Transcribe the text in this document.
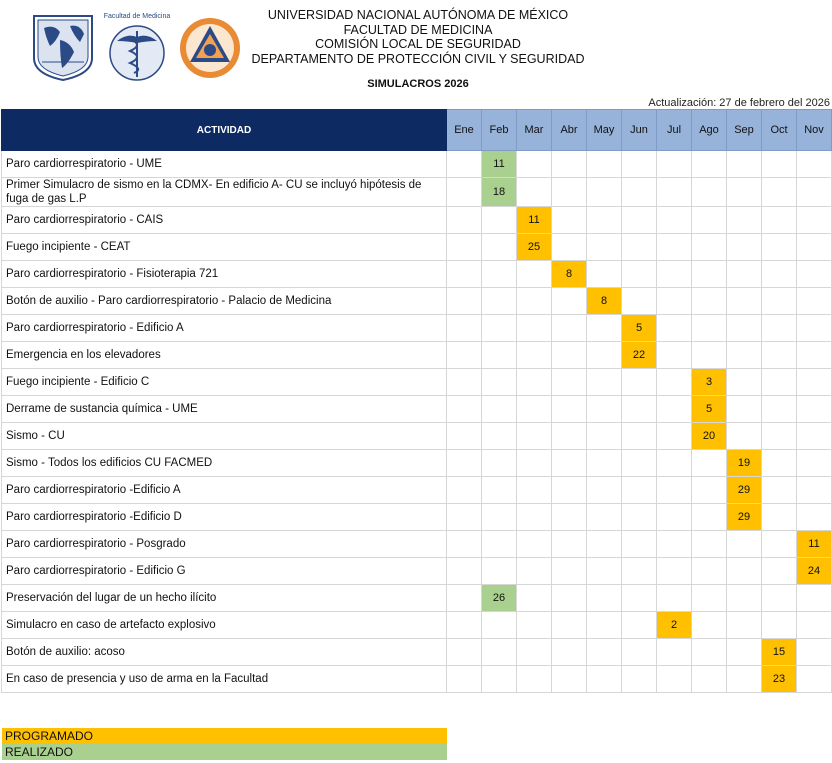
Facultad de Medicina	UNIVERSIDAD NACIONAL AUTÓNOMA DE MÉXICO
FACULTAD DE MEDICINA
COMISIÓN LOCAL DE SEGURIDAD
DEPARTAMENTO DE PROTECCIÓN CIVIL Y SEGURIDAD
SIMULACROS 2026
Actualización: 27 de febrero del 2026
ACTIVIDAD	Ene	Feb	Mar	Abr	May	Jun	Jul	Ago	Sep	Oct	Nov
Paro cardiorrespiratorio - UME		11									
Primer Simulacro de sismo en la CDMX- En edificio A- CU se incluyó hipótesis de fuga de gas L.P		18									
Paro cardiorrespiratorio - CAIS			11								
Fuego incipiente - CEAT			25								
Paro cardiorrespiratorio - Fisioterapia 721				8							
Botón de auxilio - Paro cardiorrespiratorio - Palacio de Medicina					8						
Paro cardiorrespiratorio - Edificio A						5					
Emergencia en los elevadores						22					
Fuego incipiente - Edificio C								3			
Derrame de sustancia química - UME								5			
Sismo - CU								20			
Sismo - Todos los edificios CU FACMED									19		
Paro cardiorrespiratorio -Edificio A									29		
Paro cardiorrespiratorio -Edificio D									29		
Paro cardiorrespiratorio - Posgrado											11
Paro cardiorrespiratorio - Edificio G											24
Preservación del lugar de un hecho ilícito		26									
Simulacro en caso de artefacto explosivo							2				
Botón de auxilio: acoso										15	
En caso de presencia y uso de arma en la Facultad										23	
PROGRAMADO
REALIZADO
